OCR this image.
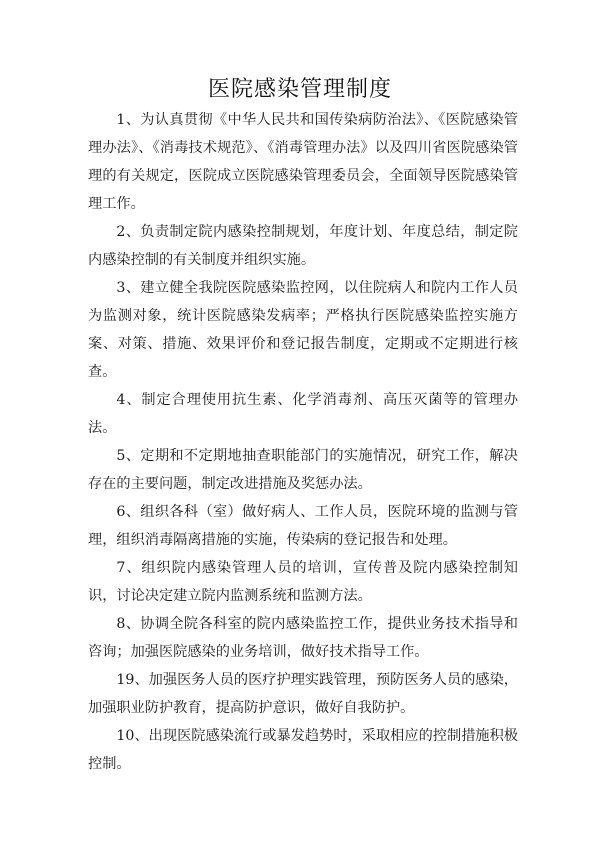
医院感染管理制度

1、为认真贯彻《中华人民共和国传染病防治法》、《医院感染管理办法》、《消毒技术规范》、《消毒管理办法》以及四川省医院感染管理的有关规定，医院成立医院感染管理委员会，全面领导医院感染管理工作。

2、负责制定院内感染控制规划，年度计划、年度总结，制定院内感染控制的有关制度并组织实施。

3、建立健全我院医院感染监控网，以住院病人和院内工作人员为监测对象，统计医院感染发病率；严格执行医院感染监控实施方案、对策、措施、效果评价和登记报告制度，定期或不定期进行核查。

4、制定合理使用抗生素、化学消毒剂、高压灭菌等的管理办法。

5、定期和不定期地抽查职能部门的实施情况，研究工作，解决存在的主要问题，制定改进措施及奖惩办法。

6、组织各科（室）做好病人、工作人员，医院环境的监测与管理，组织消毒隔离措施的实施，传染病的登记报告和处理。

7、组织院内感染管理人员的培训，宣传普及院内感染控制知识，讨论决定建立院内监测系统和监测方法。

8、协调全院各科室的院内感染监控工作，提供业务技术指导和咨询；加强医院感染的业务培训，做好技术指导工作。

19、加强医务人员的医疗护理实践管理，预防医务人员的感染，加强职业防护教育，提高防护意识，做好自我防护。

10、出现医院感染流行或暴发趋势时，采取相应的控制措施积极控制。
